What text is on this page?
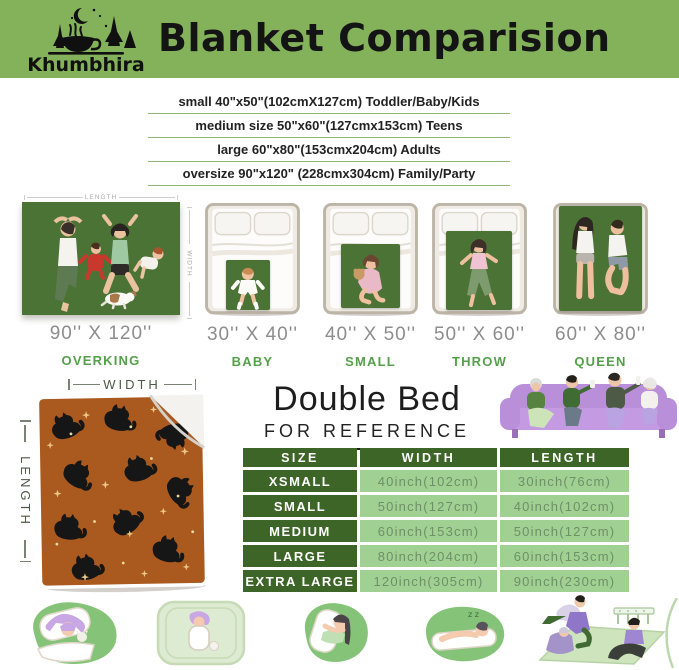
Khumbhira
Blanket Comparision
small 40"x50"(102cmX127cm) Toddler/Baby/Kids
medium size 50"x60"(127cmx153cm) Teens
large 60"x80"(153cmx204cm) Adults
oversize 90"x120" (228cmx304cm) Family/Party
LENGTH
WIDTH
90'' X 120''
OVERKING
30'' X 40''
BABY
40'' X 50''
SMALL
50'' X 60''
THROW
60'' X 80''
QUEEN
WIDTH
LENGTH
Double Bed
FOR REFERENCE
SIZE	WIDTH	LENGTH
XSMALL	40inch(102cm)	30inch(76cm)
SMALL	50inch(127cm)	40inch(102cm)
MEDIUM	60inch(153cm)	50inch(127cm)
LARGE	80inch(204cm)	60inch(153cm)
EXTRA LARGE	120inch(305cm)	90inch(230cm)
z z
